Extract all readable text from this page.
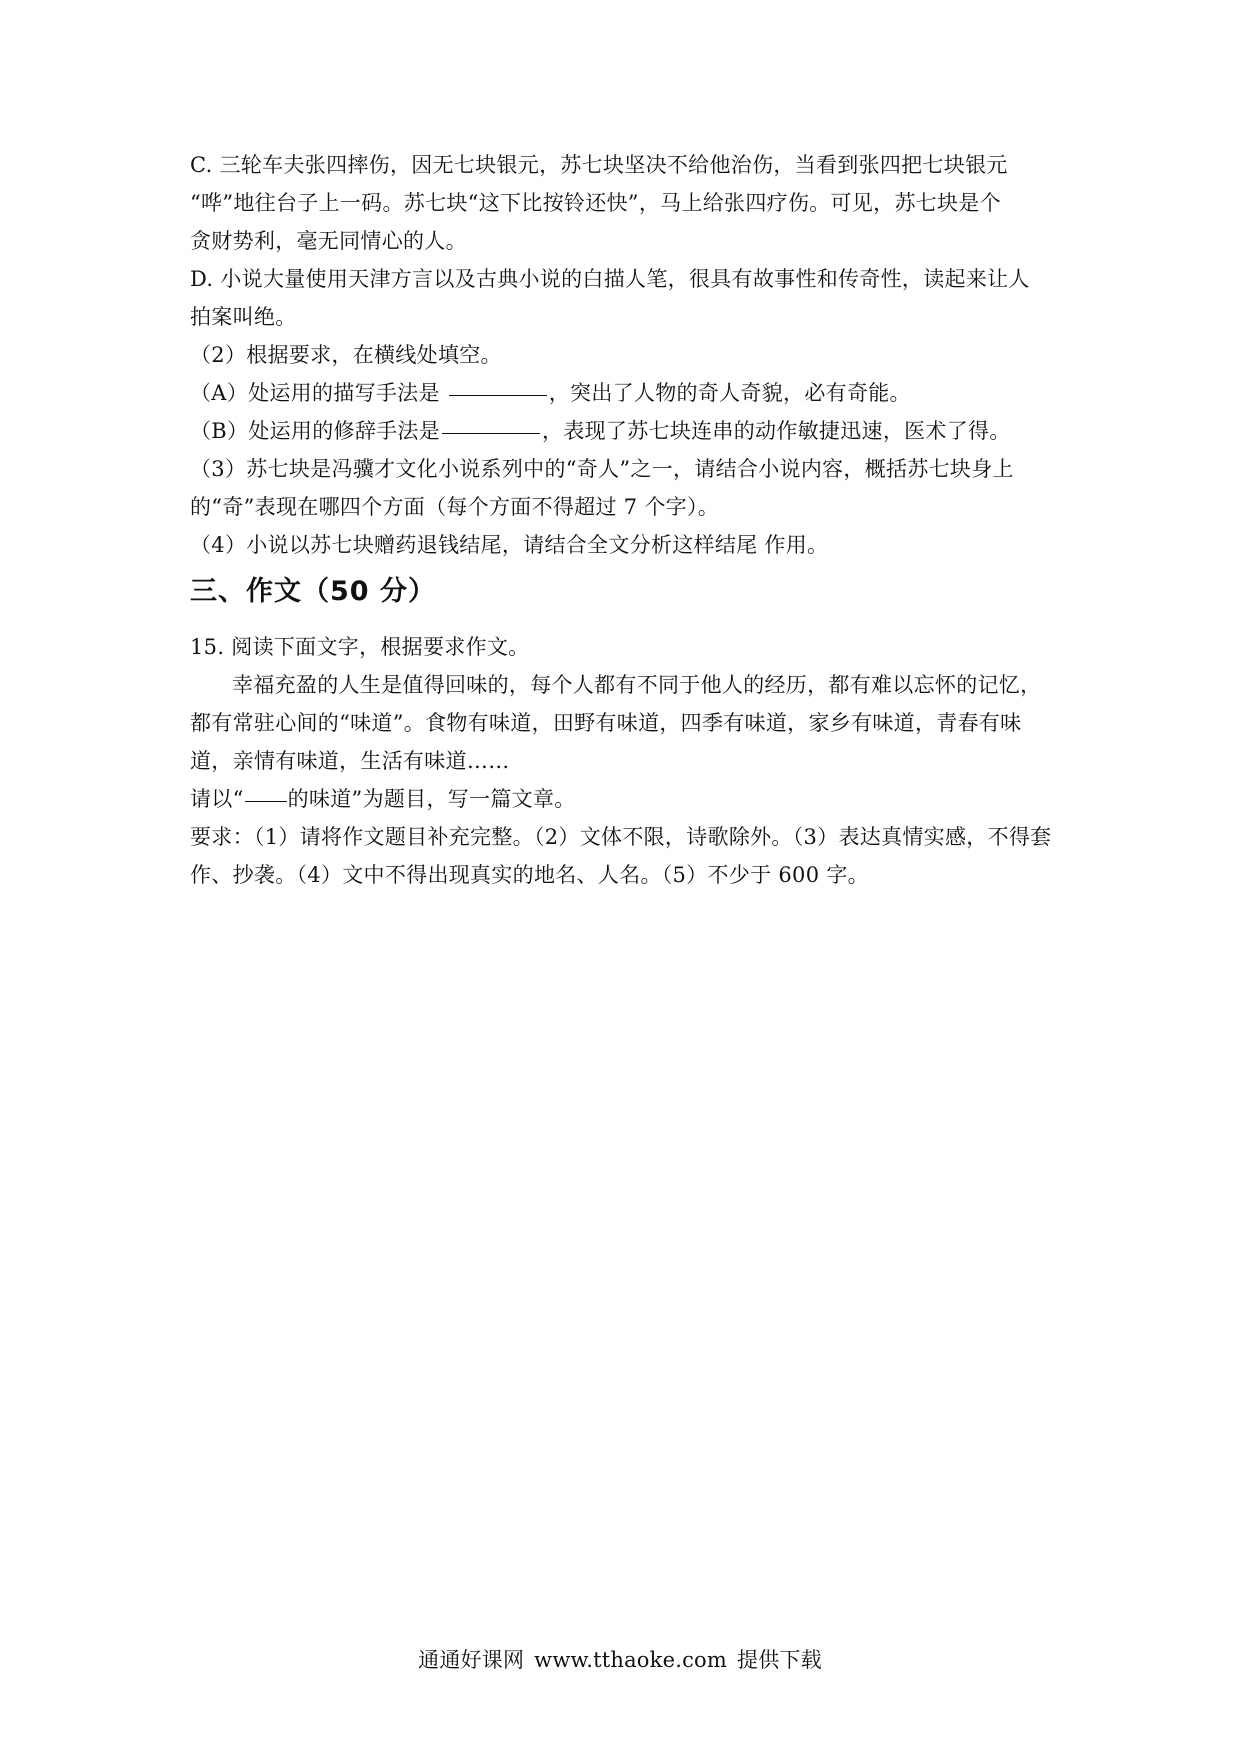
C. 三轮车夫张四摔伤，因无七块银元，苏七块坚决不给他治伤，当看到张四把七块银元
“哗”地往台子上一码。苏七块“这下比按铃还快”，马上给张四疗伤。可见，苏七块是个
贪财势利，毫无同情心的人。
D. 小说大量使用天津方言以及古典小说的白描人笔，很具有故事性和传奇性，读起来让人
拍案叫绝。
（2）根据要求，在横线处填空。
（A）处运用的描写手法是	，突出了人物的奇人奇貌，必有奇能。
（B）处运用的修辞手法是	，表现了苏七块连串的动作敏捷迅速，医术了得。
（3）苏七块是冯骥才文化小说系列中的“奇人”之一，请结合小说内容，概括苏七块身上
的“奇”表现在哪四个方面（每个方面不得超过 7 个字）。
（4）小说以苏七块赠药退钱结尾，请结合全文分析这样结尾 作用。
三、作文（50 分）
15. 阅读下面文字，根据要求作文。
幸福充盈的人生是值得回味的，每个人都有不同于他人的经历，都有难以忘怀的记忆，
都有常驻心间的“味道”。食物有味道，田野有味道，四季有味道，家乡有味道，青春有味
道，亲情有味道，生活有味道……
请以“ 的味道”为题目，写一篇文章。
要求：（1）请将作文题目补充完整。（2）文体不限，诗歌除外。（3）表达真情实感，不得套
作、抄袭。（4）文中不得出现真实的地名、人名。（5）不少于 600 字。
通通好课网 www.tthaoke.com 提供下载
